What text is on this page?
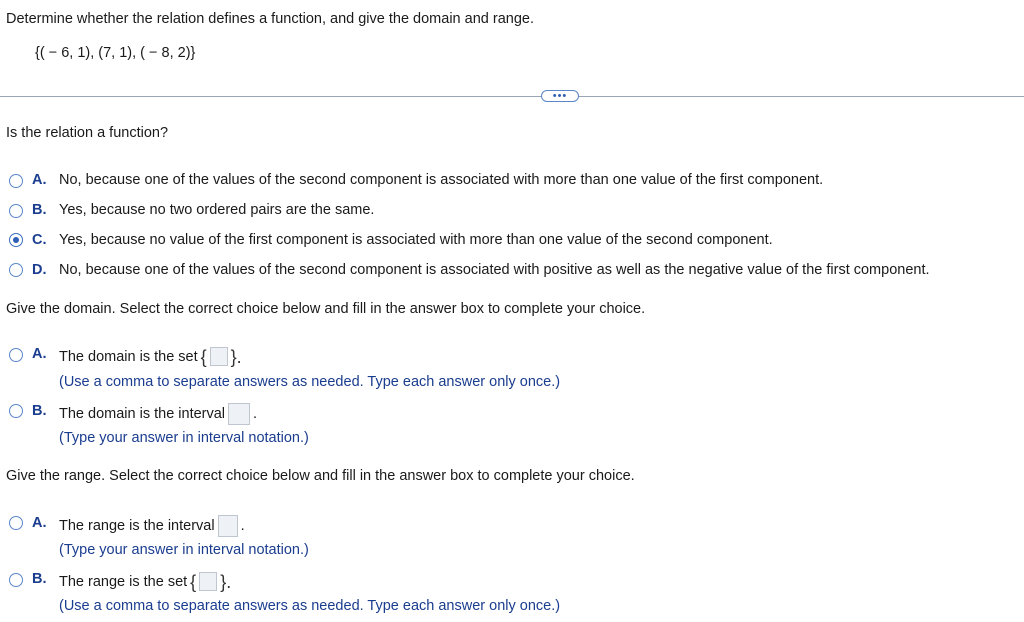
Determine whether the relation defines a function, and give the domain and range.
{( − 6, 1), (7, 1), ( − 8, 2)}
•••
Is the relation a function?
A. No, because one of the values of the second component is associated with more than one value of the first component.
B. Yes, because no two ordered pairs are the same.
C. Yes, because no value of the first component is associated with more than one value of the second component.
D. No, because one of the values of the second component is associated with positive as well as the negative value of the first component.
Give the domain. Select the correct choice below and fill in the answer box to complete your choice.
A. The domain is the set { }.
(Use a comma to separate answers as needed. Type each answer only once.)
B. The domain is the interval .
(Type your answer in interval notation.)
Give the range. Select the correct choice below and fill in the answer box to complete your choice.
A. The range is the interval .
(Type your answer in interval notation.)
B. The range is the set { }.
(Use a comma to separate answers as needed. Type each answer only once.)
